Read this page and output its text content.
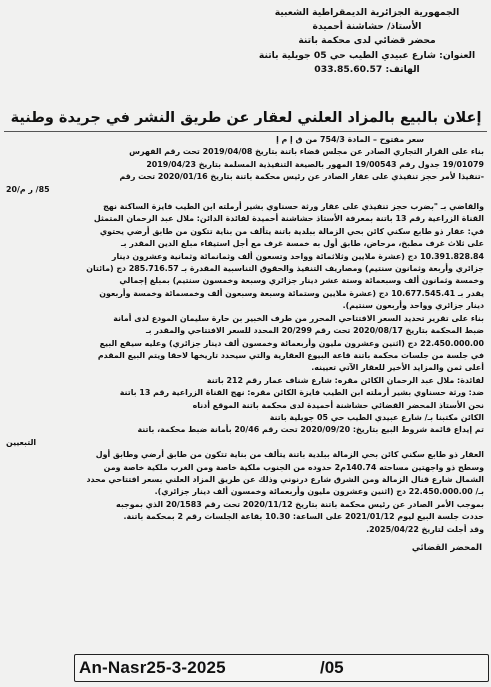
الجمهورية الجزائرية الديمقراطية الشعبية
الأستاذ/ حشاشنة أحميدة
محضر قضائي لدى محكمة باتنة
العنوان: شارع عبيدي الطيب حي 05 جويلية باتنة
الهاتف: 033.85.60.57
إعلان بالبيع بالمزاد العلني لعقار عن طريق النشر في جريدة وطنية

سعر مفتوح – المادة 754/3 من ق إ م إ

بناء على القرار التجاري الصادر عن مجلس قضاء باتنة بتاريخ 2019/04/08 تحت رقم الفهرس

19/01079 جدول رقم 19/00543 المهور بالصيغة التنفيذية المسلمة بتاريخ 2019/04/23

-تنفيذا لأمر حجز تنفيذي على عقار الصادر عن رئيس محكمة باتنة بتاريخ 2020/01/16 تحت رقم

85/ ر م/20

والقاضي بـ "بضرب حجز تنفيذي على عقار ورثة حسناوي بشير أرملته ابن الطيب فايزة الساكنة نهج

القناة الزراعية رقم 13 باتنة بمعرفة الأستاذ حشاشنة أحميدة لفائدة الدائن: ملال عبد الرحمان المتمثل

في: عقار ذو طابع سكني كائن بحي الزمالة ببلدية باتنة يتألف من بناية تتكون من طابق أرضي يحتوي

على ثلاث غرف مطبخ، مرحاض، طابق أول به خمسة غرف مع أجل استيفاء مبلغ الدين المقدر بـ

10.391.828.84 دج (عشرة ملايين وثلاثمائة وواحد وتسعون ألف وثمانمائة وثمانية وعشرون دينار

جزائري وأربعة وثمانون سنتيم) ومصاريف التنفيذ والحقوق التناسبية المقدرة بـ 285.716.57 دج (مائتان

وخمسة وثمانون ألف وسبعمائة وستة عشر دينار جزائري وسبعة وخمسون سنتيم) بمبلغ إجمالي

يقدر بـ 10.677.545.41 دج (عشرة ملايين وستمائة وسبعة وسبعون ألف وخمسمائة وخمسة وأربعون

دينار جزائري وواحد وأربعون سنتيم).

بناء على تقرير تحديد السعر الافتتاحي المحرر من طرف الخبير بن حارة سليمان المودع لدى أمانة

ضبط المحكمة بتاريخ 2020/08/17 تحت رقم 20/299 المحدد للسعر الافتتاحي والمقدر بـ

22.450.000.00 دج (اثنين وعشرون مليون وأربعمائة وخمسون ألف دينار جزائري) وعليه سيقع البيع

في جلسة من جلسات محكمة باتنة قاعة البيوع العقارية والتي سيحدد تاريخها لاحقا ويتم البيع المقدم

أعلى ثمن والمزايد الأخير للعقار الآتي تعيينه.

لفائدة: ملال عبد الرحمان الكائن مقره: شارع شناف عمار رقم 212 باتنة

ضد: ورثة حسناوي بشير أرملته ابن الطيب فايزة الكائن مقره: نهج القناة الزراعية رقم 13 باتنة

نحن الأستاذ المحضر القضائي حشاشنة أحميدة لدى محكمة باتنة الموقع أدناه

الكائن مكتبنا بـ/ شارع عبيدي الطيب حي 05 جويلية باتنة

تم إيداع قائمة شروط البيع بتاريخ: 2020/09/20 تحت رقم 20/46 بأمانة ضبط محكمة، باتنة

التبعيين

العقار ذو طابع سكني كائن بحي الزمالة ببلدية باتنة يتألف من بناية تتكون من طابق أرضي وطابق أول

وسطح ذو واجهتين مساحته 140.74م2 حدوده من الجنوب ملكية خاصة ومن الغرب ملكية خاصة ومن

الشمال شارع قنال الزمالة ومن الشرق شارع درنوني وذلك عن طريق المزاد العلني بسعر افتتاحي محدد

بـ/ 22.450.000.00 دج (اثنين وعشرون مليون وأربعمائة وخمسون ألف دينار جزائري).

بموجب الأمر الصادر عن رئيس محكمة باتنة بتاريخ 2020/11/12 تحت رقم 20/1583 الذي بموجبه

حددت جلسة البيع ليوم 2021/01/12 على الساعة: 10.30 بقاعة الجلسات رقم 2 بمحكمة باتنة.

وقد أجلت لتاريخ 2025/04/22.

المحضر القضائي

An-Nasr25-3-2025	/05
